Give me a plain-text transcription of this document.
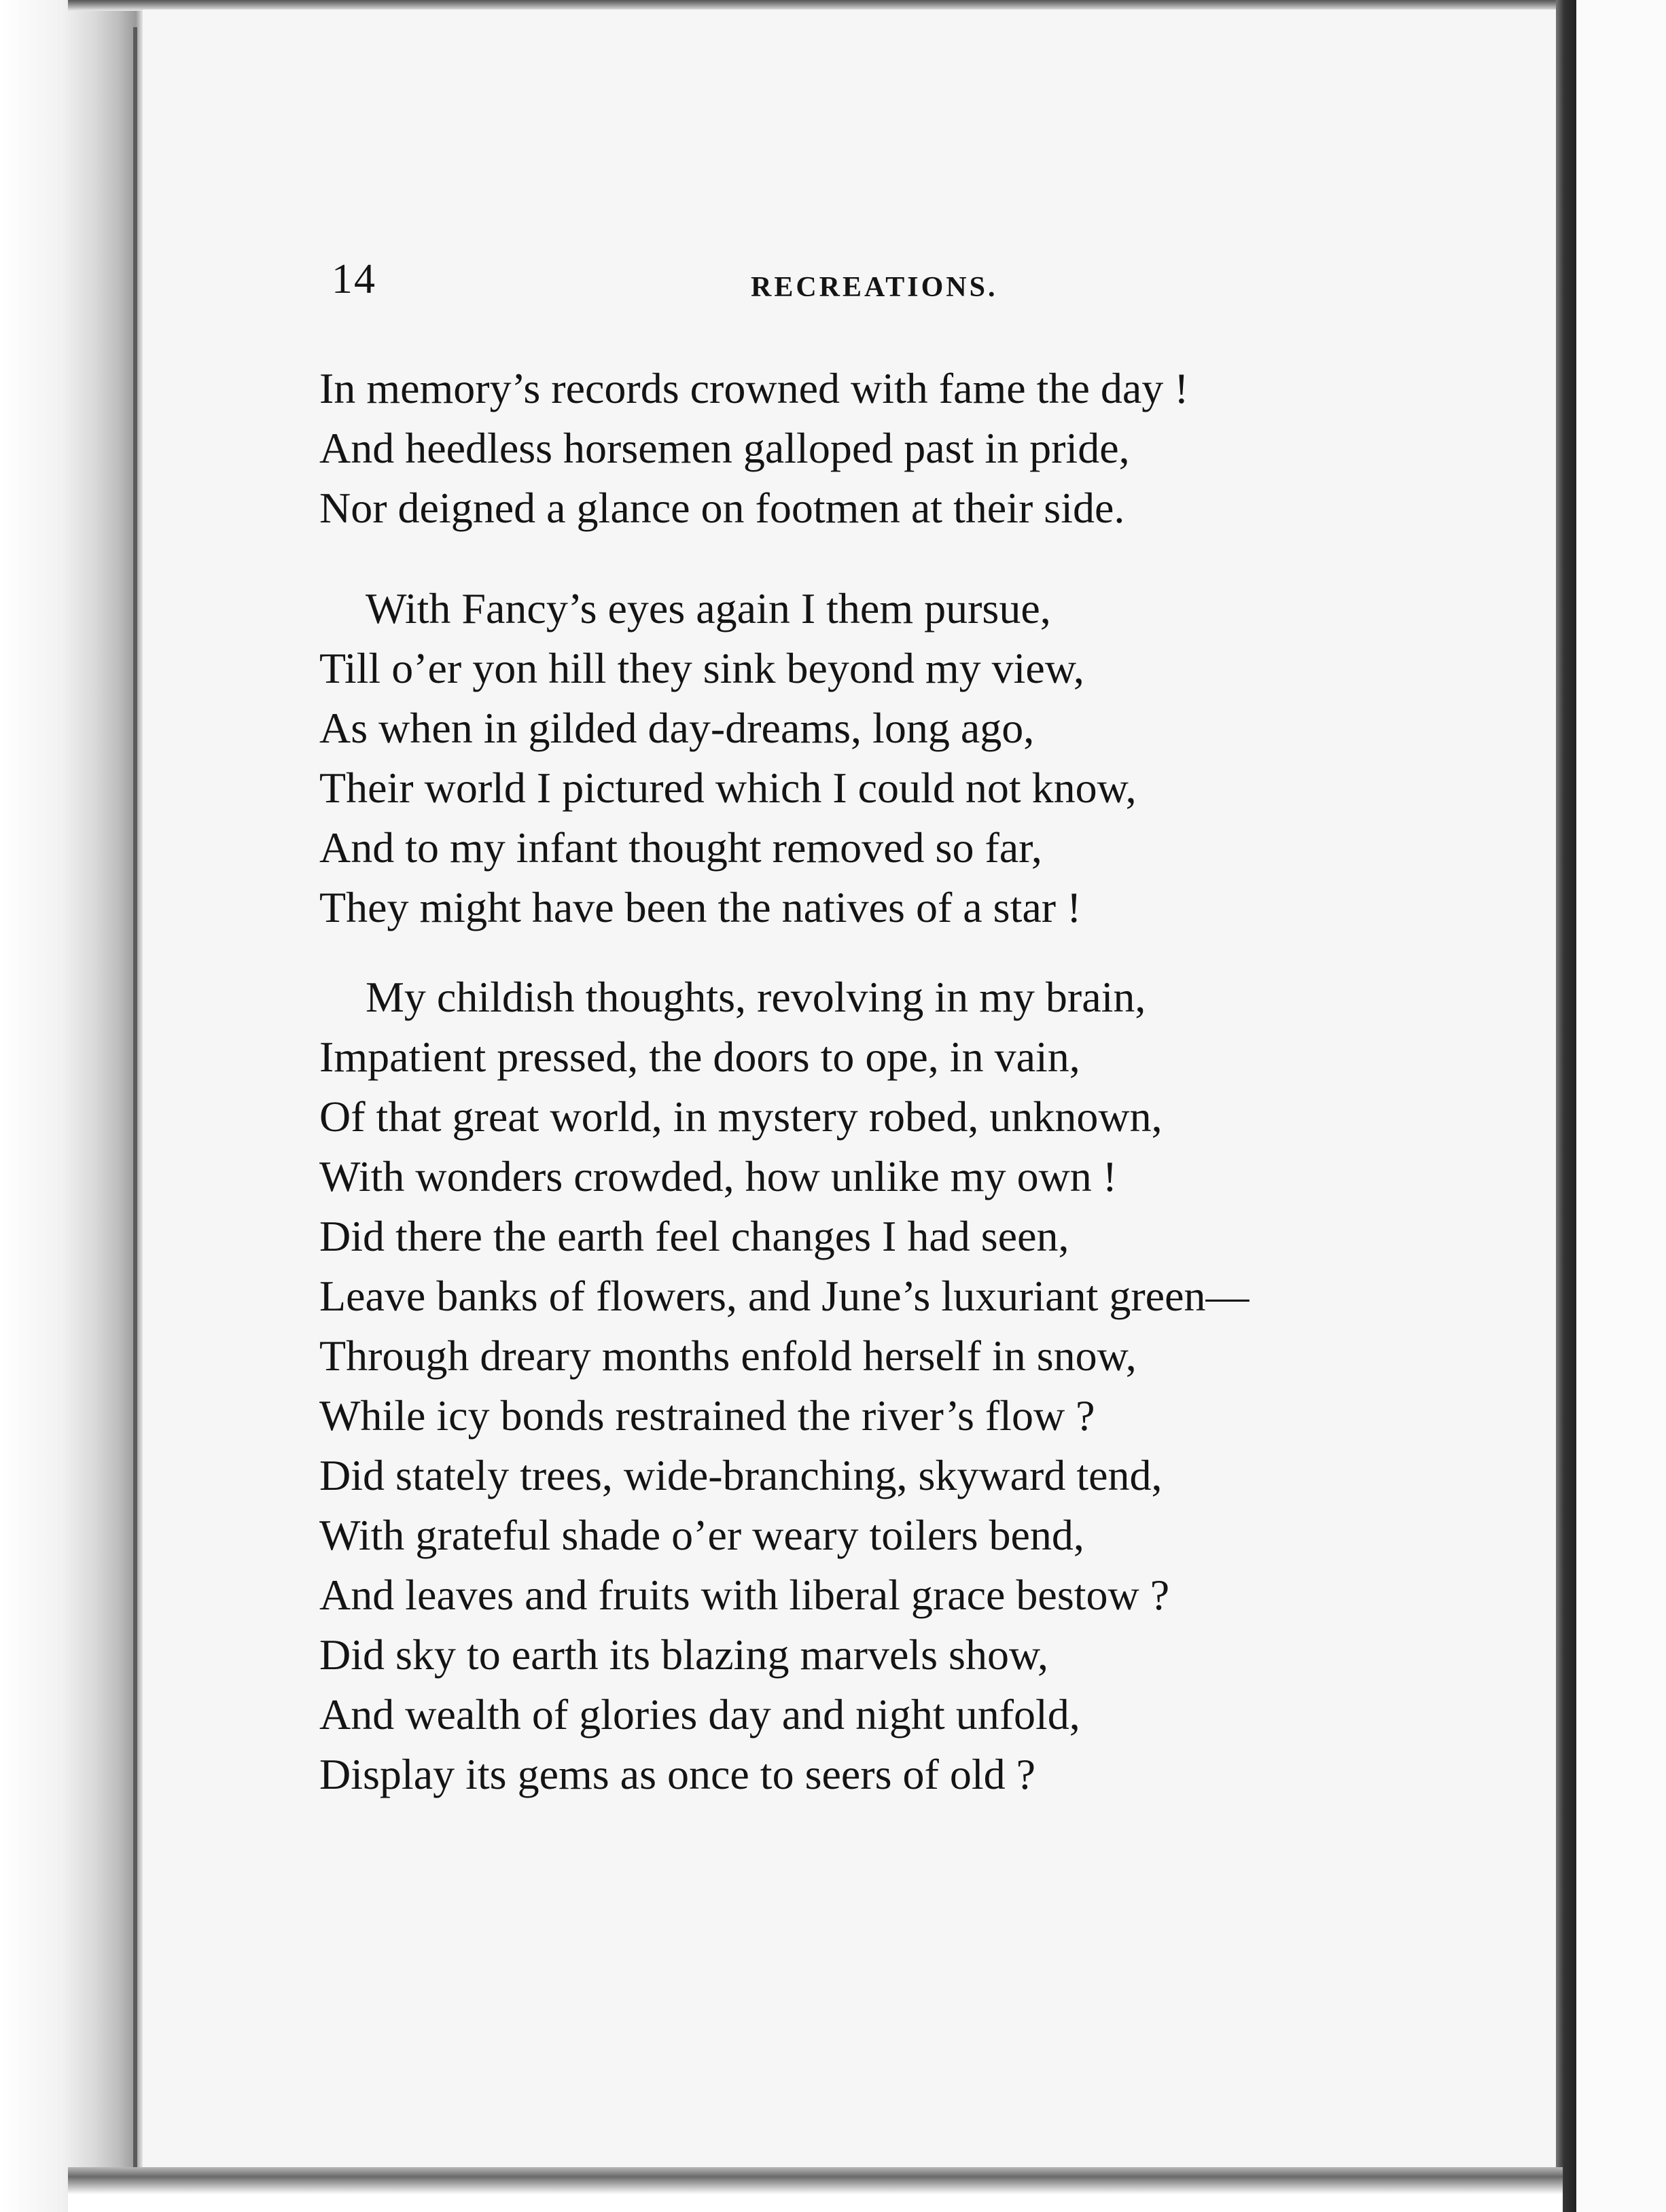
14	RECREATIONS.
In memory’s records crowned with fame the day !
And heedless horsemen galloped past in pride,
Nor deigned a glance on footmen at their side.
With Fancy’s eyes again I them pursue,
Till o’er yon hill they sink beyond my view,
As when in gilded day-dreams, long ago,
Their world I pictured which I could not know,
And to my infant thought removed so far,
They might have been the natives of a star !
My childish thoughts, revolving in my brain,
Impatient pressed, the doors to ope, in vain,
Of that great world, in mystery robed, unknown,
With wonders crowded, how unlike my own !
Did there the earth feel changes I had seen,
Leave banks of flowers, and June’s luxuriant green—
Through dreary months enfold herself in snow,
While icy bonds restrained the river’s flow ?
Did stately trees, wide-branching, skyward tend,
With grateful shade o’er weary toilers bend,
And leaves and fruits with liberal grace bestow ?
Did sky to earth its blazing marvels show,
And wealth of glories day and night unfold,
Display its gems as once to seers of old ?
